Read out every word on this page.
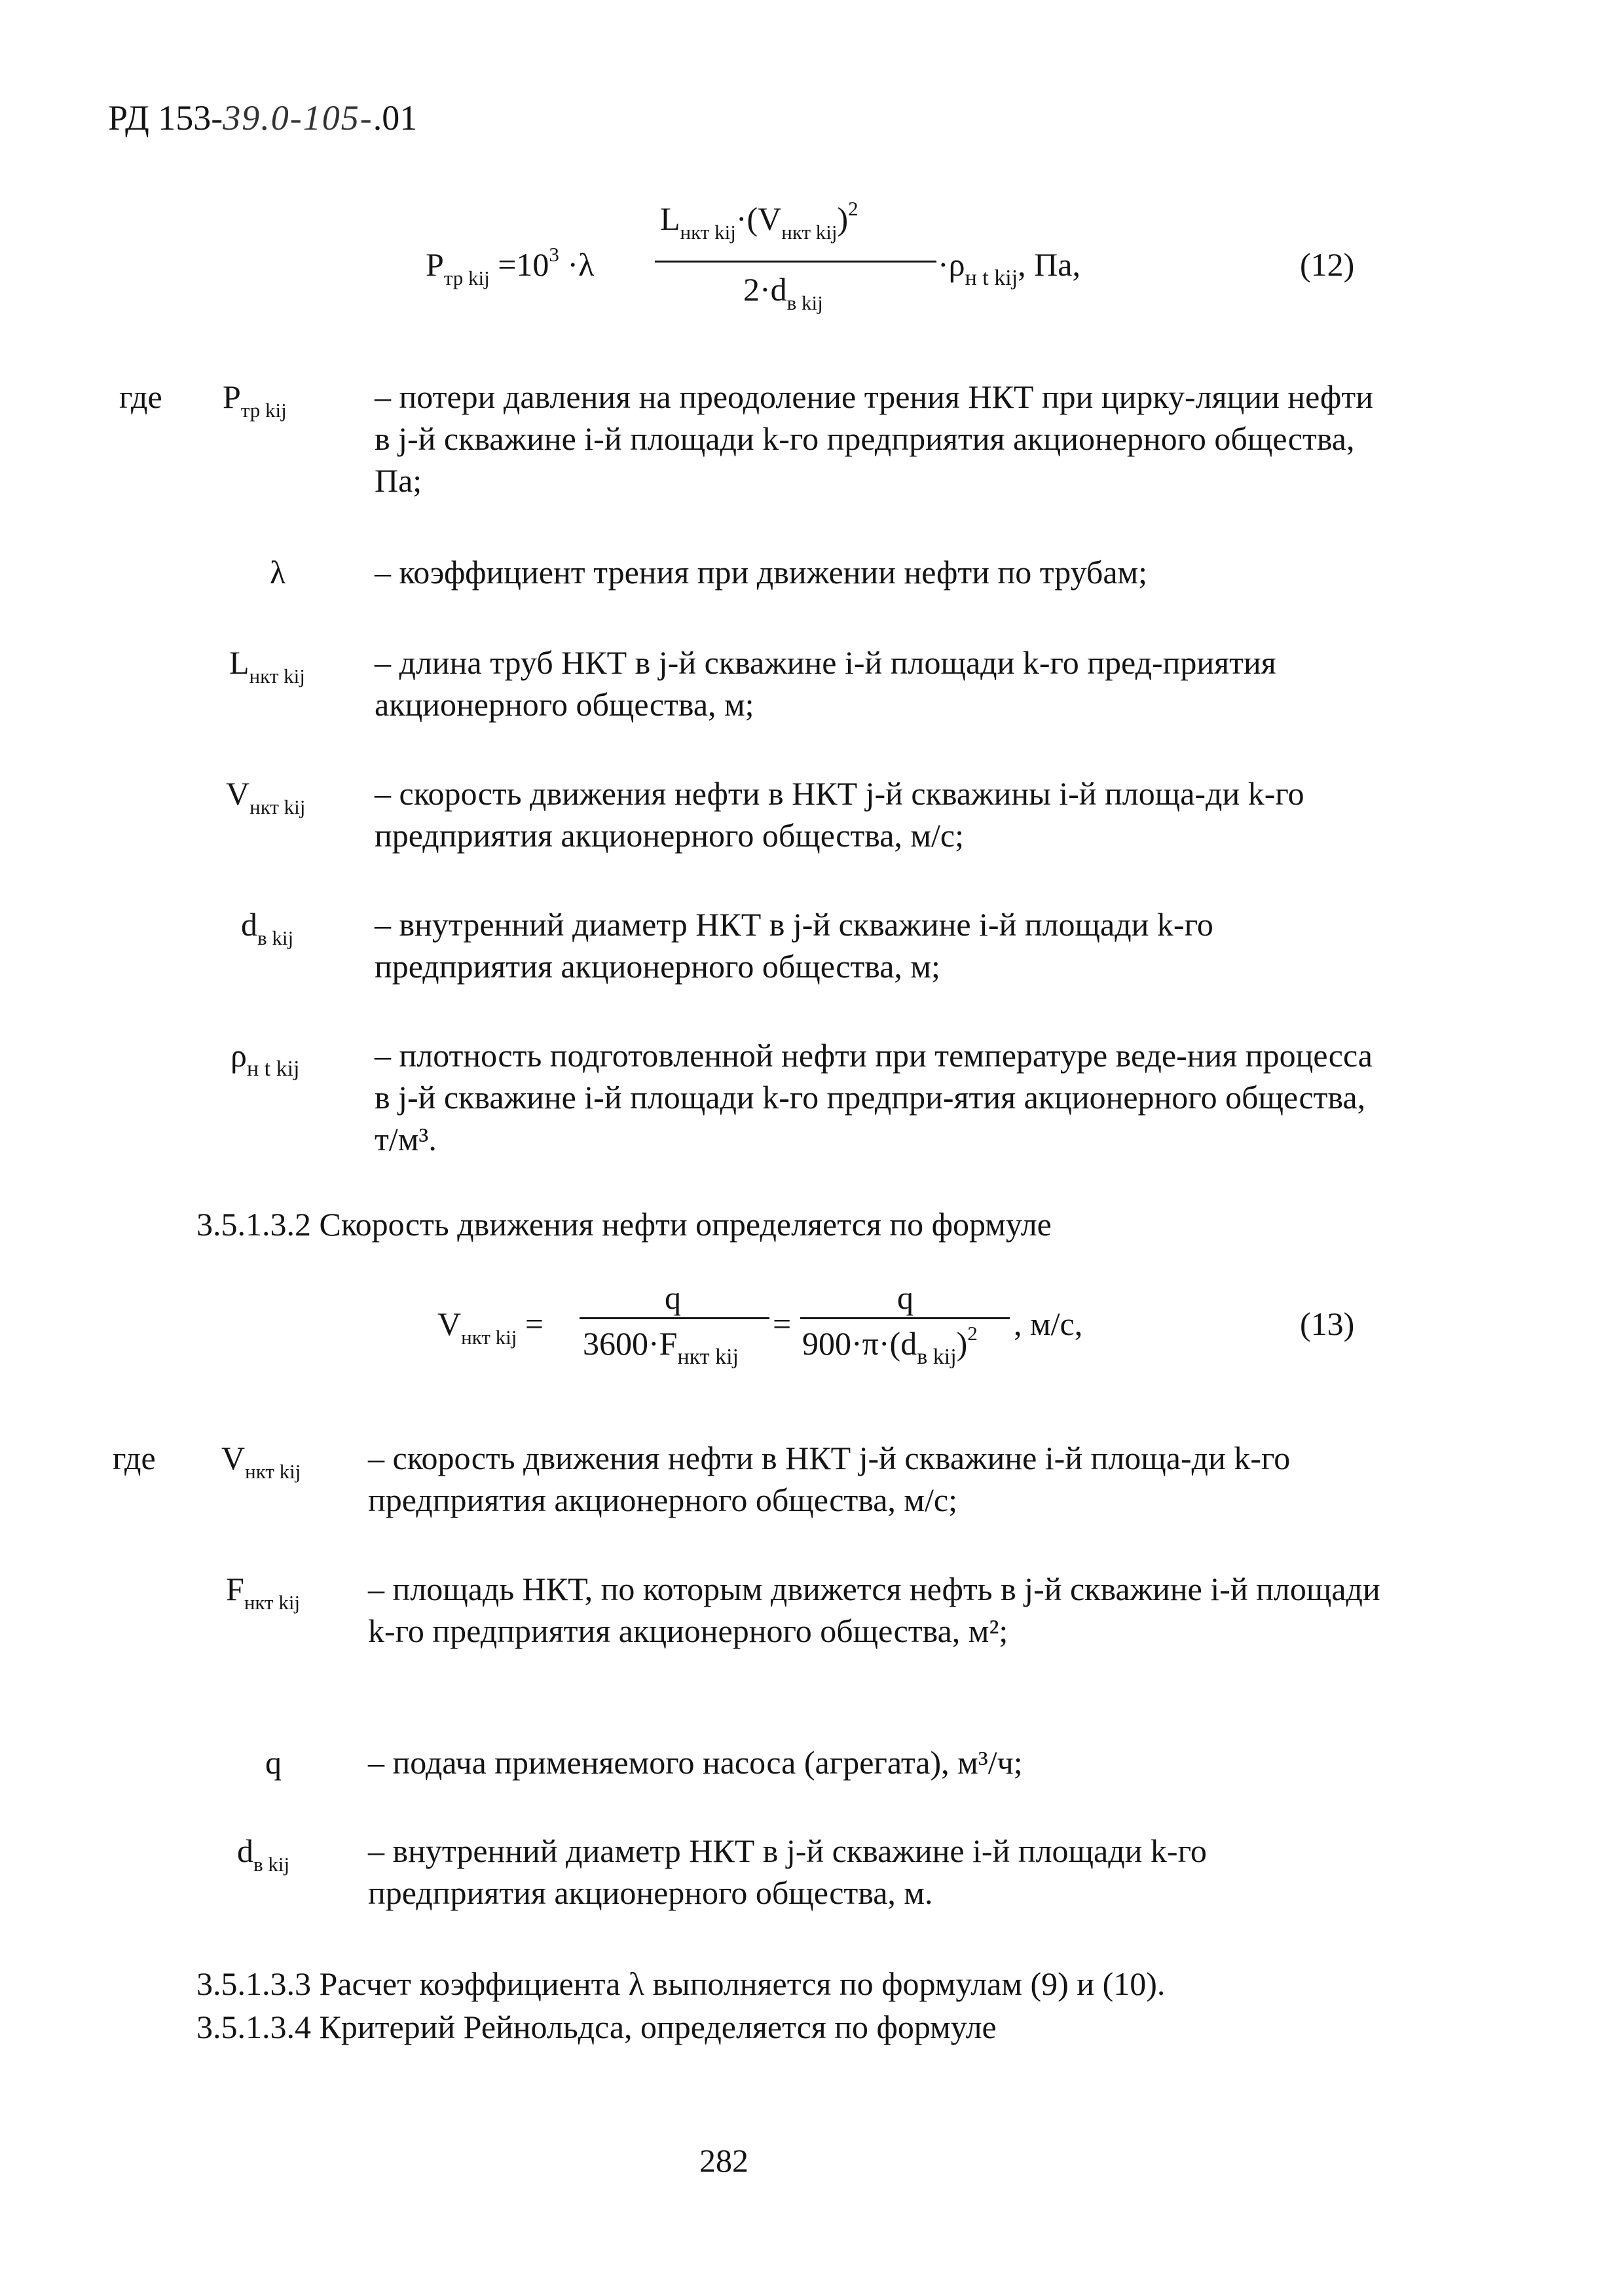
РД 153-39.0-105-.01
$Р_{тр kij} =10^3 \cdot\lambda$
$L_{нкт kij}\cdot(V_{нкт kij})^2$
$2\cdot d_{в kij}$
$\cdot\rho_{н t kij}$, Па,	(12)
где $P_{тр kij}$	– потери давления на преодоление трения НКТ при цирку-ляции нефти в j-й скважине i-й площади k-го предприятия акционерного общества, Па;
λ	– коэффициент трения при движении нефти по трубам;
$L_{нкт kij}$ – длина труб НКТ в j-й скважине i-й площади k-го пред-приятия акционерного общества, м;
$V_{нкт kij}$ – скорость движения нефти в НКТ j-й скважины i-й площа-ди k-го предприятия акционерного общества, м/с;
$d_{в kij}$ – внутренний диаметр НКТ в j-й скважине i-й площади k-го предприятия акционерного общества, м;
$\rho_{н t kij}$ – плотность подготовленной нефти при температуре веде-ния процесса в j-й скважине i-й площади k-го предпри-ятия акционерного общества, т/м³.
3.5.1.3.2 Скорость движения нефти определяется по формуле
$V_{нкт kij}$ =
q
$3600\cdot F_{нкт kij}$
=
q
$900\cdot\pi\cdot(d_{в kij})^2$ , м/с,	(13)
где $V_{нкт kij}$ – скорость движения нефти в НКТ j-й скважине i-й площа-ди k-го предприятия акционерного общества, м/с;
$F_{нкт kij}$ – площадь НКТ, по которым движется нефть в j-й скважине i-й площади k-го предприятия акционерного общества, м²;
q	– подача применяемого насоса (агрегата), м³/ч;
$d_{в kij}$ – внутренний диаметр НКТ в j-й скважине i-й площади k-го предприятия акционерного общества, м.
3.5.1.3.3 Расчет коэффициента λ выполняется по формулам (9) и (10).
3.5.1.3.4 Критерий Рейнольдса, определяется по формуле
282
